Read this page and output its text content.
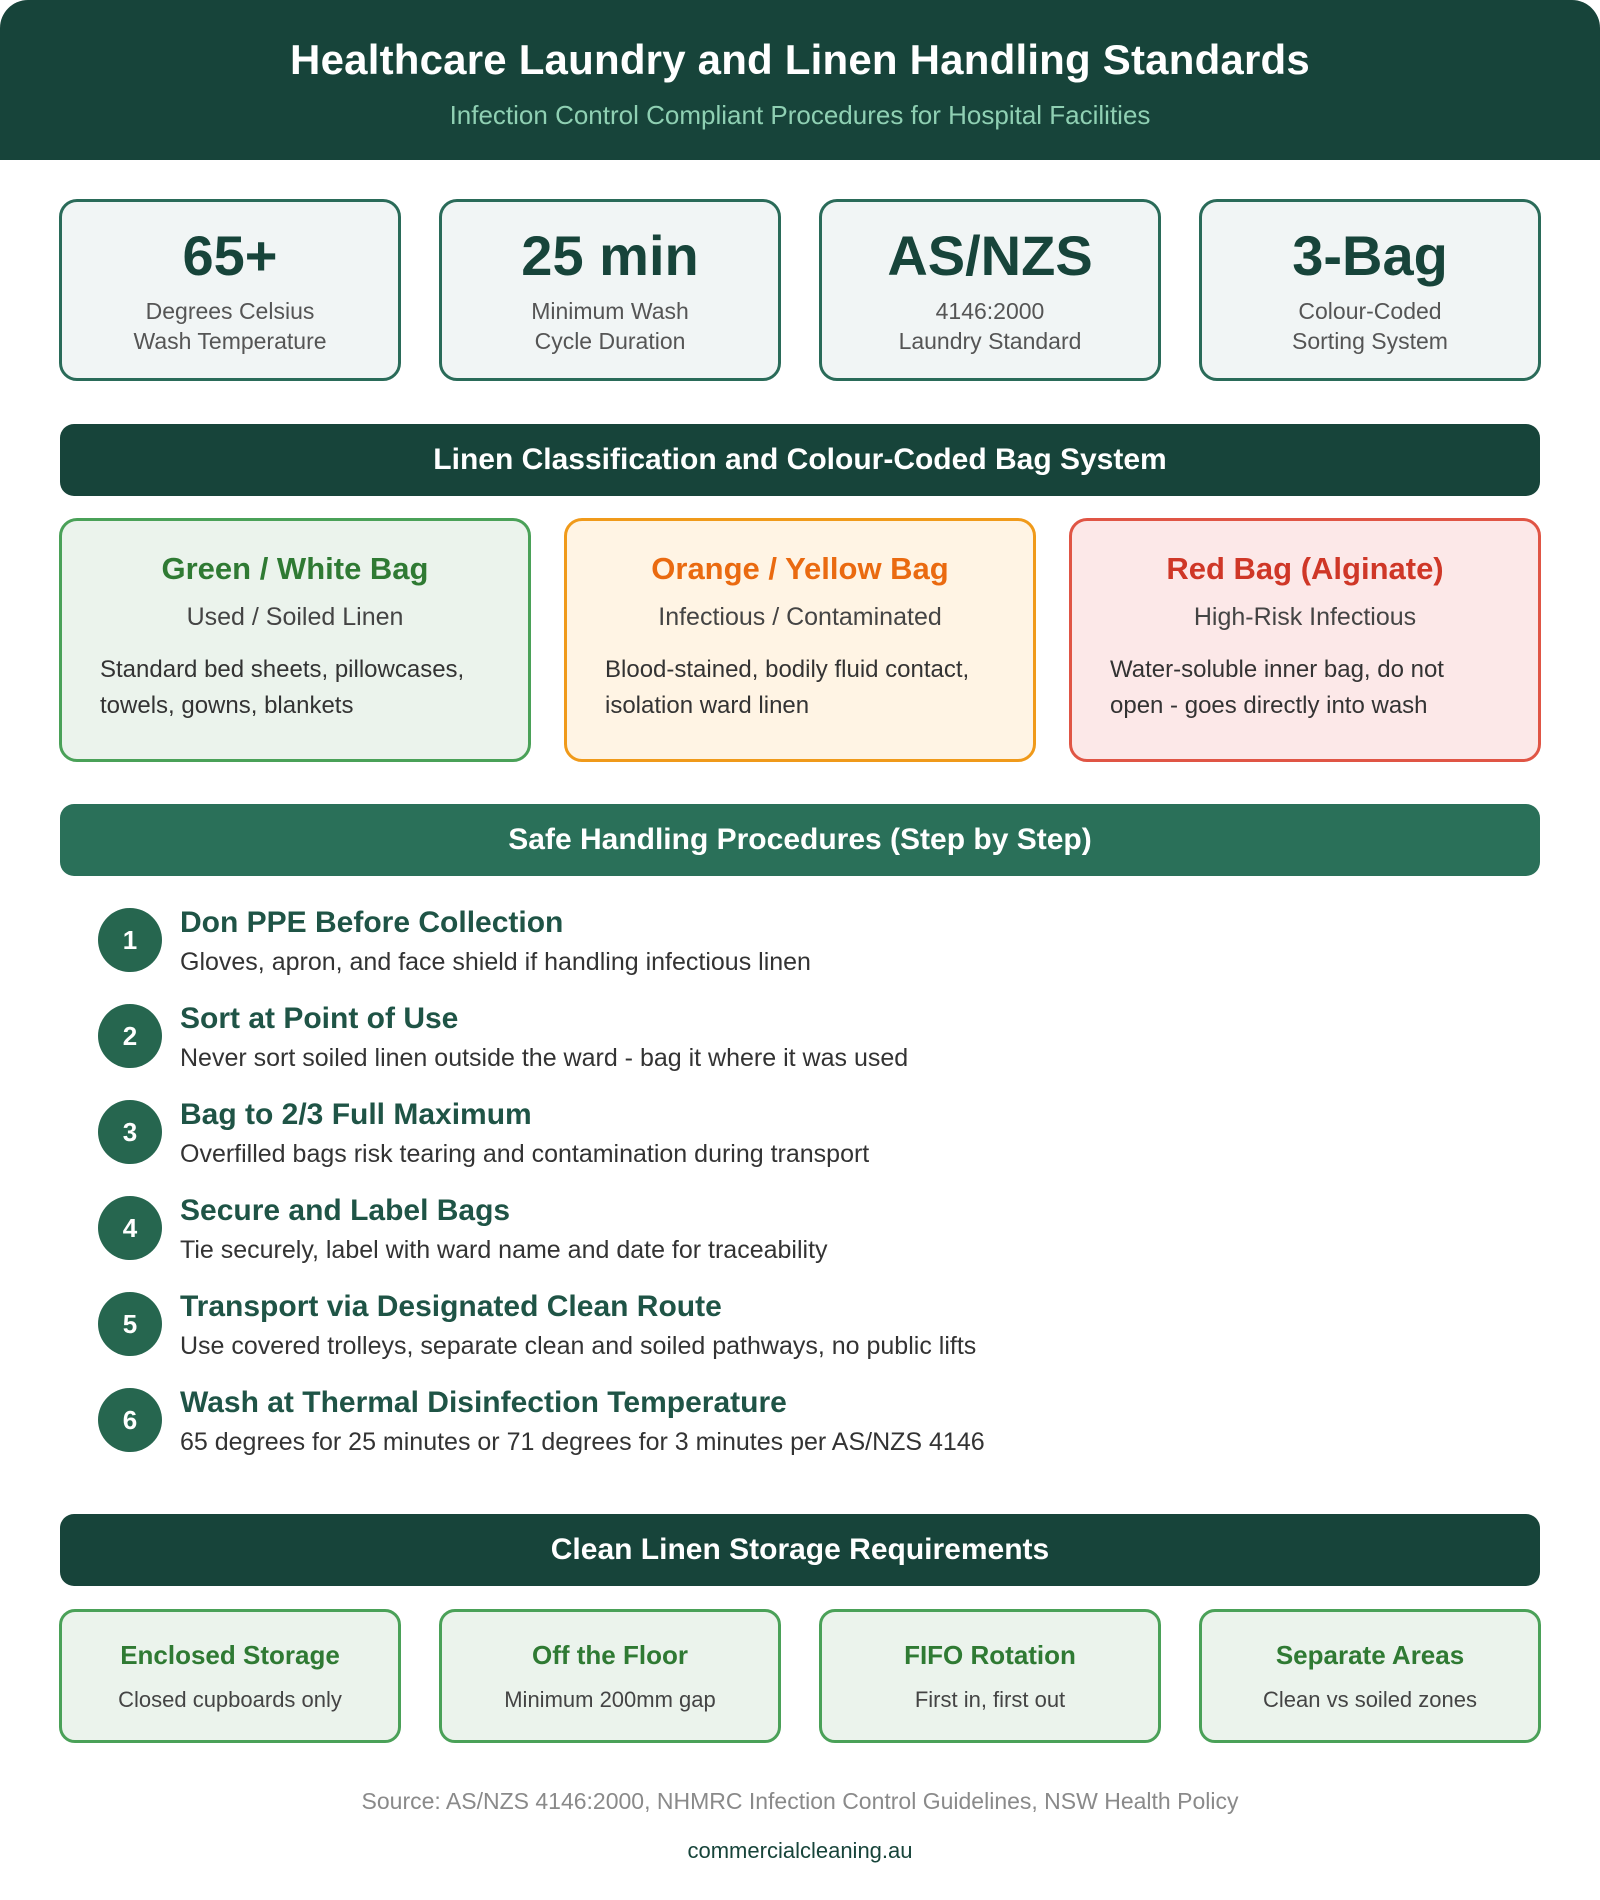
Healthcare Laundry and Linen Handling Standards
Infection Control Compliant Procedures for Hospital Facilities
65+
Degrees Celsius
Wash Temperature
25 min
Minimum Wash
Cycle Duration
AS/NZS
4146:2000
Laundry Standard
3-Bag
Colour-Coded
Sorting System
Linen Classification and Colour-Coded Bag System
Green / White Bag
Used / Soiled Linen
Standard bed sheets, pillowcases, towels, gowns, blankets
Orange / Yellow Bag
Infectious / Contaminated
Blood-stained, bodily fluid contact, isolation ward linen
Red Bag (Alginate)
High-Risk Infectious
Water-soluble inner bag, do not open - goes directly into wash
Safe Handling Procedures (Step by Step)
1
Don PPE Before Collection
Gloves, apron, and face shield if handling infectious linen
2
Sort at Point of Use
Never sort soiled linen outside the ward - bag it where it was used
3
Bag to 2/3 Full Maximum
Overfilled bags risk tearing and contamination during transport
4
Secure and Label Bags
Tie securely, label with ward name and date for traceability
5
Transport via Designated Clean Route
Use covered trolleys, separate clean and soiled pathways, no public lifts
6
Wash at Thermal Disinfection Temperature
65 degrees for 25 minutes or 71 degrees for 3 minutes per AS/NZS 4146
Clean Linen Storage Requirements
Enclosed Storage
Closed cupboards only
Off the Floor
Minimum 200mm gap
FIFO Rotation
First in, first out
Separate Areas
Clean vs soiled zones
Source: AS/NZS 4146:2000, NHMRC Infection Control Guidelines, NSW Health Policy
commercialcleaning.au
